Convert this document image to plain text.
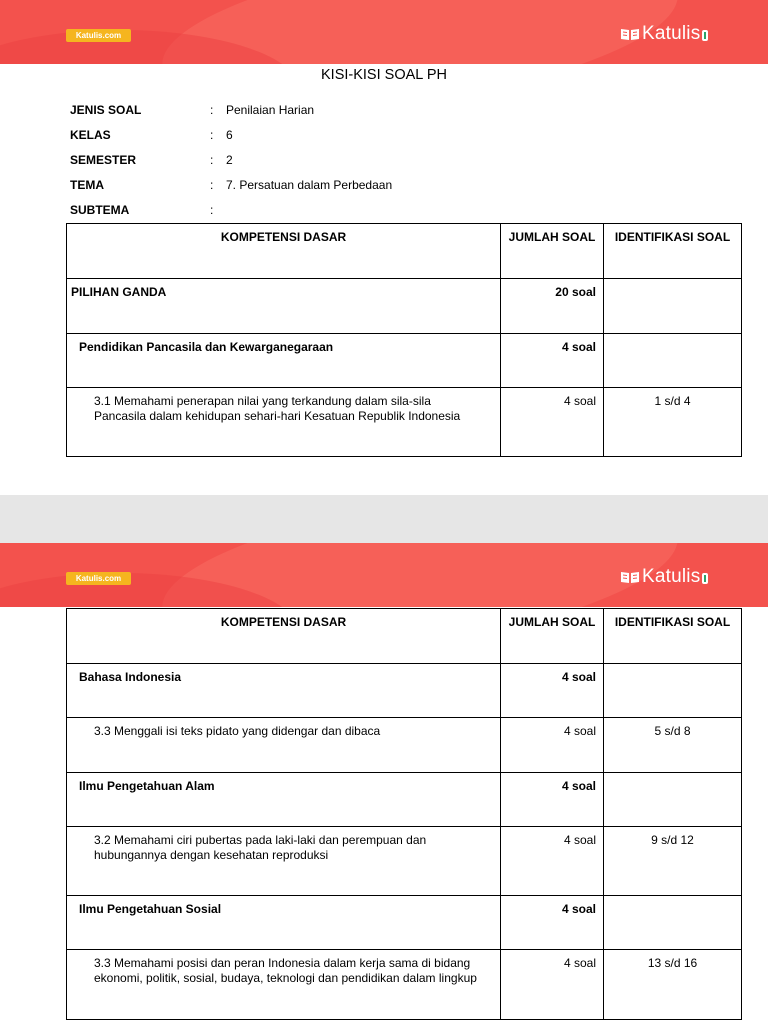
Katulis.com	Katulis
KISI-KISI SOAL PH
JENIS SOAL	:	Penilaian Harian
KELAS	:	6
SEMESTER	:	2
TEMA	:	7. Persatuan dalam Perbedaan
SUBTEMA	:
KOMPETENSI DASAR	JUMLAH SOAL	IDENTIFIKASI SOAL
PILIHAN GANDA	20 soal	
Pendidikan Pancasila dan Kewarganegaraan	4 soal	
3.1 Memahami penerapan nilai yang terkandung dalam sila-sila Pancasila dalam kehidupan sehari-hari Kesatuan Republik Indonesia	4 soal	1 s/d 4
Katulis.com	Katulis
KOMPETENSI DASAR	JUMLAH SOAL	IDENTIFIKASI SOAL
Bahasa Indonesia	4 soal	
3.3 Menggali isi teks pidato yang didengar dan dibaca	4 soal	5 s/d 8
Ilmu Pengetahuan Alam	4 soal	
3.2 Memahami ciri pubertas pada laki-laki dan perempuan dan hubungannya dengan kesehatan reproduksi	4 soal	9 s/d 12
Ilmu Pengetahuan Sosial	4 soal	
3.3 Memahami posisi dan peran Indonesia dalam kerja sama di bidang ekonomi, politik, sosial, budaya, teknologi dan pendidikan dalam lingkup	4 soal	13 s/d 16
